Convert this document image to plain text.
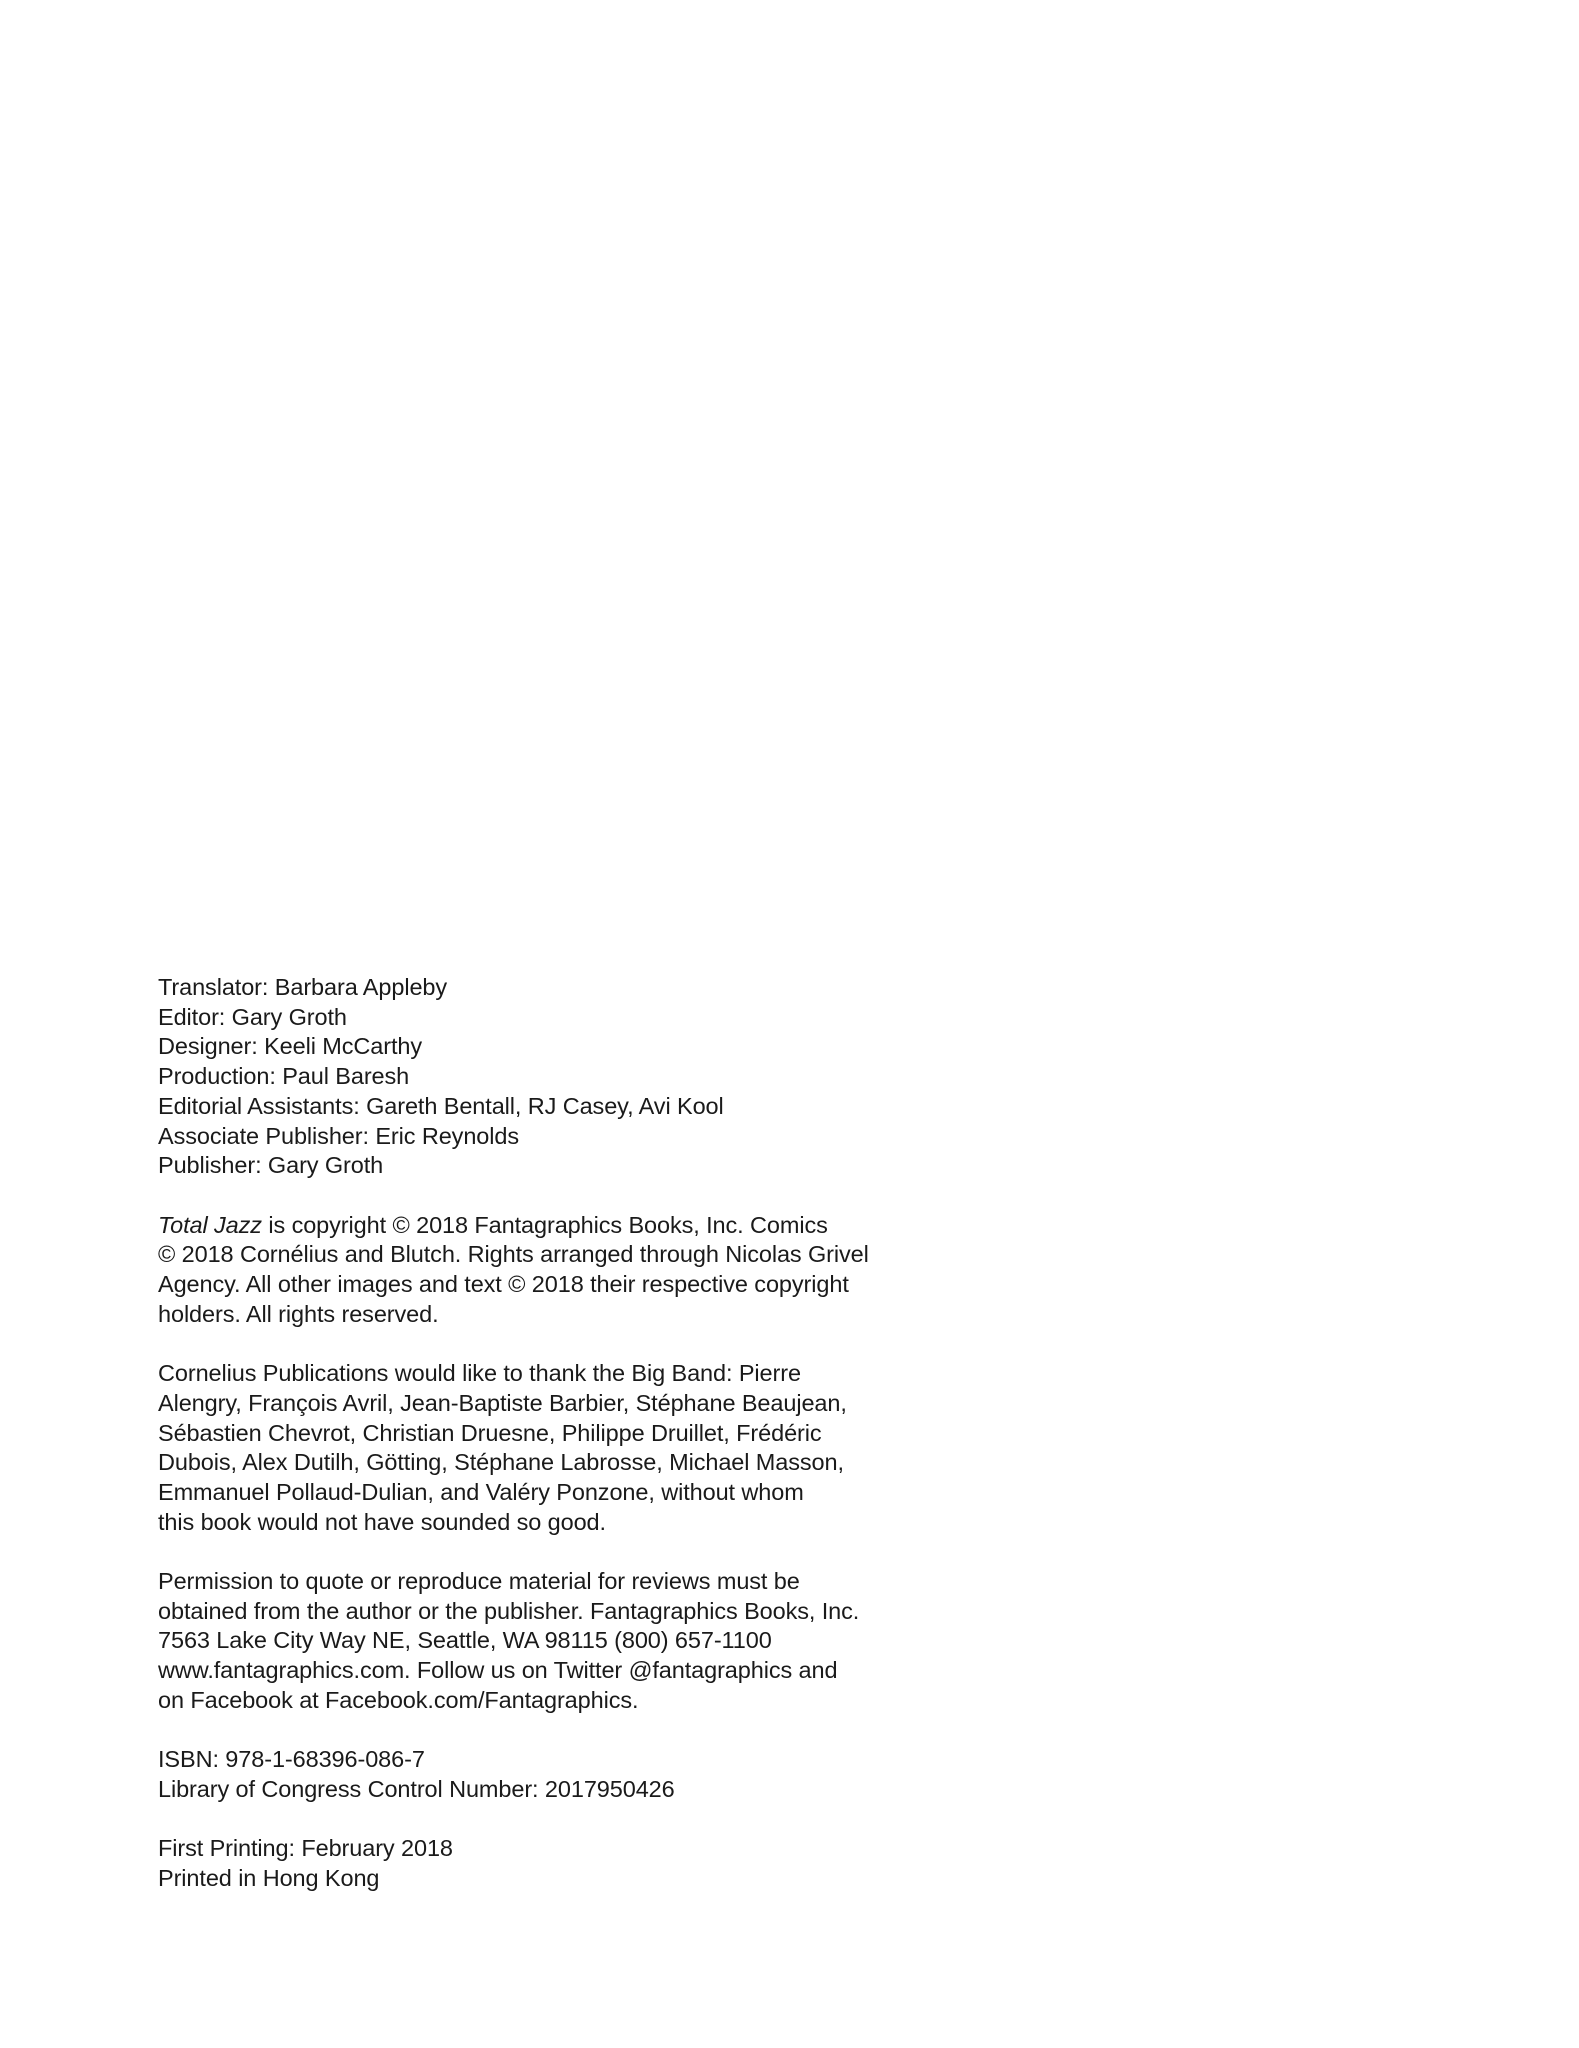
Translator: Barbara Appleby
Editor: Gary Groth
Designer: Keeli McCarthy
Production: Paul Baresh
Editorial Assistants: Gareth Bentall, RJ Casey, Avi Kool
Associate Publisher: Eric Reynolds
Publisher: Gary Groth
Total Jazz is copyright © 2018 Fantagraphics Books, Inc. Comics
© 2018 Cornélius and Blutch. Rights arranged through Nicolas Grivel
Agency. All other images and text © 2018 their respective copyright
holders. All rights reserved.
Cornelius Publications would like to thank the Big Band: Pierre
Alengry, François Avril, Jean-Baptiste Barbier, Stéphane Beaujean,
Sébastien Chevrot, Christian Druesne, Philippe Druillet, Frédéric
Dubois, Alex Dutilh, Götting, Stéphane Labrosse, Michael Masson,
Emmanuel Pollaud-Dulian, and Valéry Ponzone, without whom
this book would not have sounded so good.
Permission to quote or reproduce material for reviews must be
obtained from the author or the publisher. Fantagraphics Books, Inc.
7563 Lake City Way NE, Seattle, WA 98115 (800) 657-1100
www.fantagraphics.com. Follow us on Twitter @fantagraphics and
on Facebook at Facebook.com/Fantagraphics.
ISBN: 978-1-68396-086-7
Library of Congress Control Number: 2017950426
First Printing: February 2018
Printed in Hong Kong
